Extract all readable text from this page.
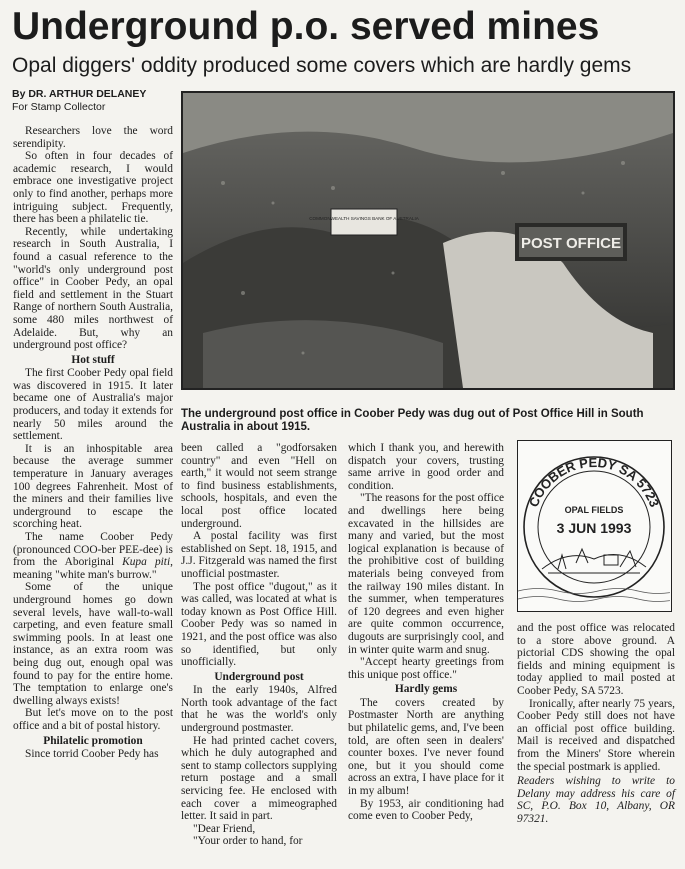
Underground p.o. served mines
Opal diggers' oddity produced some covers which are hardly gems
By DR. ARTHUR DELANEY
For Stamp Collector

Researchers love the word serendipity.

So often in four decades of academic research, I would embrace one investigative project only to find another, perhaps more intriguing subject. Frequently, there has been a philatelic tie.

Recently, while undertaking research in South Australia, I found a casual reference to the "world's only underground post office" in Coober Pedy, an opal field and settlement in the Stuart Range of northern South Australia, some 480 miles northwest of Adelaide. But, why an underground post office?

Hot stuff

The first Coober Pedy opal field was discovered in 1915. It later became one of Australia's major producers, and today it extends for nearly 50 miles around the settlement.

It is an inhospitable area because the average summer temperature in January averages 100 degrees Fahrenheit. Most of the miners and their families live underground to escape the scorching heat.

The name Coober Pedy (pronounced COO-ber PEE-dee) is from the Aboriginal Kupa piti, meaning "white man's burrow."

Some of the unique underground homes go down several levels, have wall-to-wall carpeting, and even feature small swimming pools. In at least one instance, as an extra room was being dug out, enough opal was found to pay for the entire home. The temptation to enlarge one's dwelling always exists!

But let's move on to the post office and a bit of postal history.

Philatelic promotion

Since torrid Coober Pedy has

COMMONWEALTH SAVINGS BANK OF AUSTRALIA
POST OFFICE
The underground post office in Coober Pedy was dug out of Post Office Hill in South Australia in about 1915.

been called a "godforsaken country" and even "Hell on earth," it would not seem strange to find business establishments, schools, hospitals, and even the local post office located underground.

A postal facility was first established on Sept. 18, 1915, and J.J. Fitzgerald was named the first unofficial postmaster.

The post office "dugout," as it was called, was located at what is today known as Post Office Hill. Coober Pedy was so named in 1921, and the post office was also so identified, but only unofficially.

Underground post

In the early 1940s, Alfred North took advantage of the fact that he was the world's only underground postmaster.

He had printed cachet covers, which he duly autographed and sent to stamp collectors supplying return postage and a small servicing fee. He enclosed with each cover a mimeographed letter. It said in part.

"Dear Friend,

"Your order to hand, for

which I thank you, and herewith dispatch your covers, trusting same arrive in good order and condition.

"The reasons for the post office and dwellings here being excavated in the hillsides are many and varied, but the most logical explanation is because of the prohibitive cost of building materials being conveyed from the railway 190 miles distant. In the summer, when temperatures of 120 degrees and even higher are quite common occurrence, dugouts are surprisingly cool, and in winter quite warm and snug.

"Accept hearty greetings from this unique post office."

Hardly gems

The covers created by Postmaster North are anything but philatelic gems, and, I've been told, are often seen in dealers' counter boxes. I've never found one, but it you should come across an extra, I have place for it in my album!

By 1953, air conditioning had come even to Coober Pedy,

COOBER PEDY SA 5723
OPAL FIELDS
3 JUN 1993

and the post office was relocated to a store above ground. A pictorial CDS showing the opal fields and mining equipment is today applied to mail posted at Coober Pedy, SA 5723.

Ironically, after nearly 75 years, Coober Pedy still does not have an official post office building. Mail is received and dispatched from the Miners' Store wherein the special postmark is applied.

Readers wishing to write to Delany may address his care of SC, P.O. Box 10, Albany, OR 97321.
